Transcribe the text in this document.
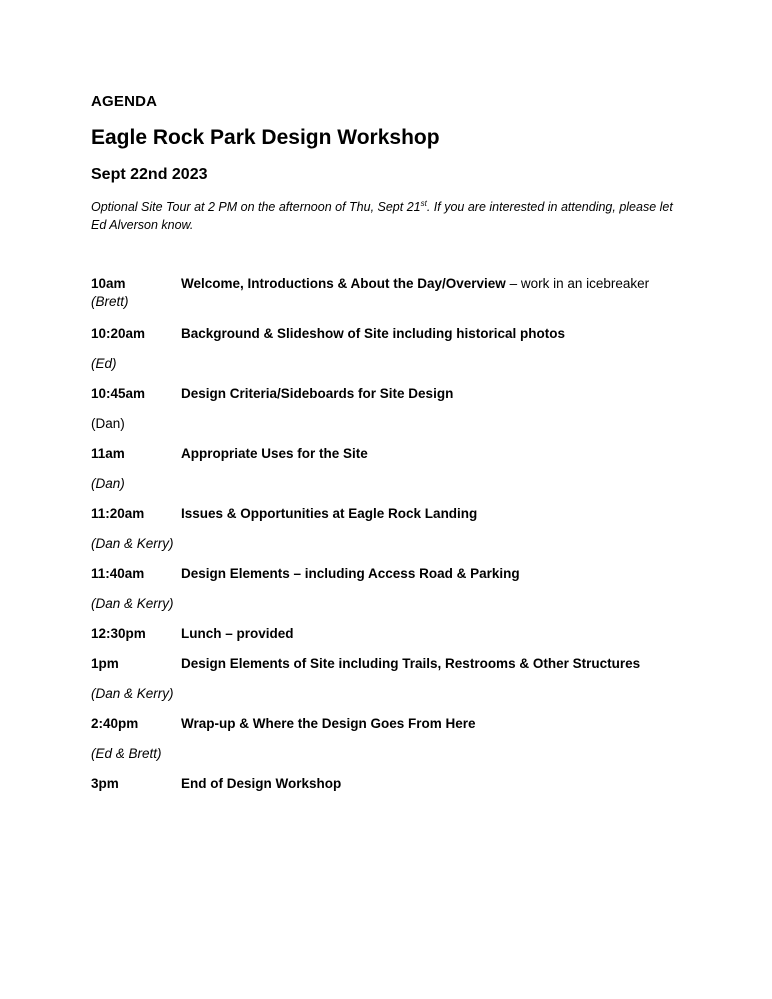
AGENDA
Eagle Rock Park Design Workshop
Sept 22nd 2023
Optional Site Tour at 2 PM on the afternoon of Thu, Sept 21st. If you are interested in attending, please let Ed Alverson know.
10am	Welcome, Introductions & About the Day/Overview – work in an icebreaker
(Brett)
10:20am	Background & Slideshow of Site including historical photos
(Ed)
10:45am	Design Criteria/Sideboards for Site Design
(Dan)
11am	Appropriate Uses for the Site
(Dan)
11:20am	Issues & Opportunities at Eagle Rock Landing
(Dan & Kerry)
11:40am	Design Elements – including Access Road & Parking
(Dan & Kerry)
12:30pm	Lunch – provided
1pm	Design Elements of Site including Trails, Restrooms & Other Structures
(Dan & Kerry)
2:40pm	Wrap-up & Where the Design Goes From Here
(Ed & Brett)
3pm	End of Design Workshop
